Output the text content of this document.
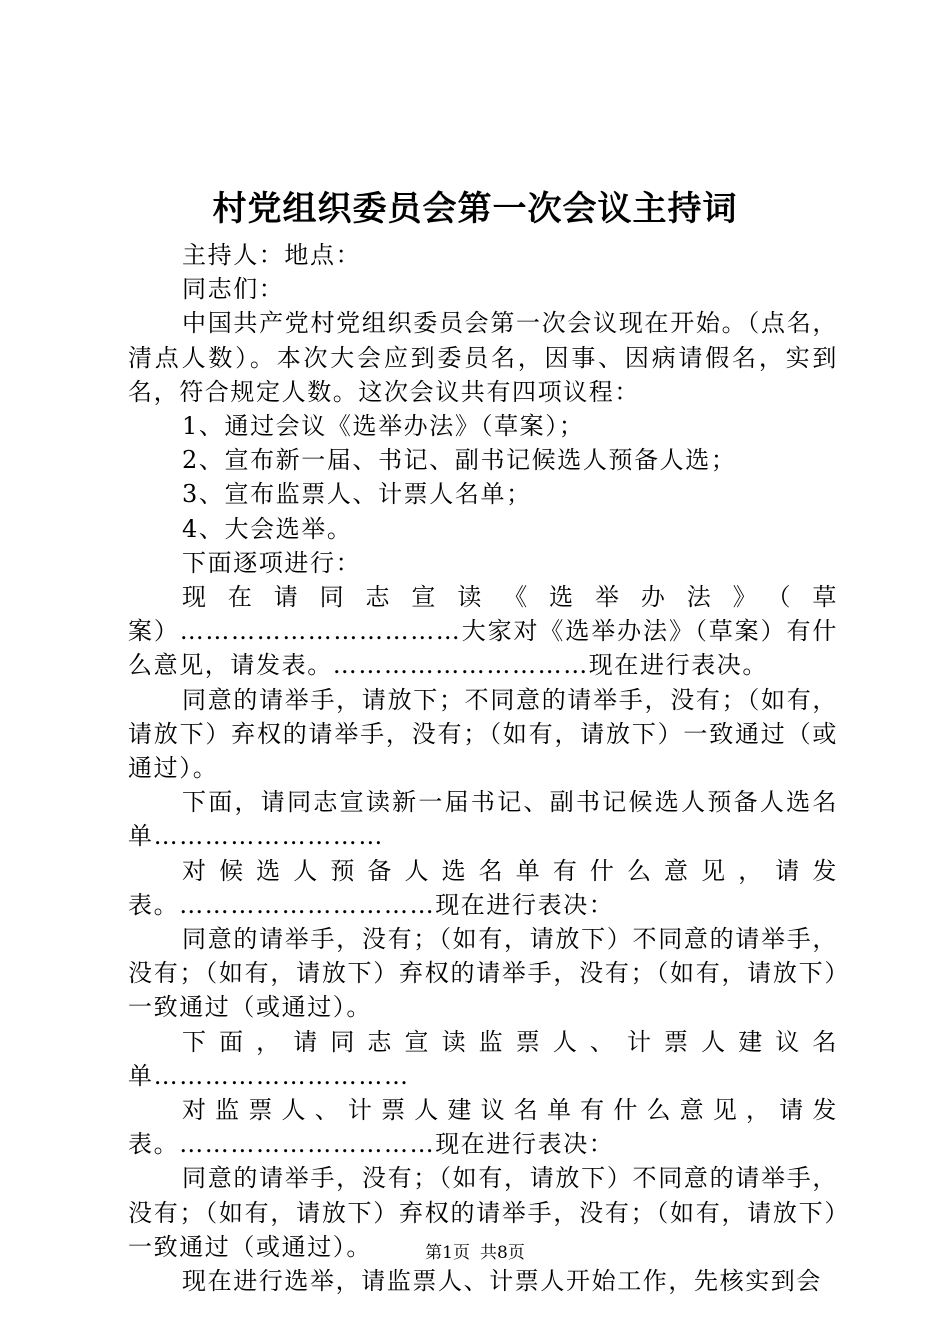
村党组织委员会第一次会议主持词

主持人：地点：

同志们：

中国共产党村党组织委员会第一次会议现在开始。（点名，清点人数）。本次大会应到委员名，因事、因病请假名，实到名，符合规定人数。这次会议共有四项议程：

1、通过会议《选举办法》（草案）；

2、宣布新一届、书记、副书记候选人预备人选；

3、宣布监票人、计票人名单；

4、大会选举。

下面逐项进行：

现在请同志宣读《选举办法》（草案）……………………………大家对《选举办法》（草案）有什么意见，请发表。…………………………现在进行表决。

同意的请举手，请放下；不同意的请举手，没有；（如有，请放下）弃权的请举手，没有；（如有，请放下）一致通过（或通过）。

下面，请同志宣读新一届书记、副书记候选人预备人选名单………………………

对候选人预备人选名单有什么意见，请发表。…………………………现在进行表决：

同意的请举手，没有；（如有，请放下）不同意的请举手，没有；（如有，请放下）弃权的请举手，没有；（如有，请放下）一致通过（或通过）。

下面，请同志宣读监票人、计票人建议名单…………………………

对监票人、计票人建议名单有什么意见，请发表。…………………………现在进行表决：

同意的请举手，没有；（如有，请放下）不同意的请举手，没有；（如有，请放下）弃权的请举手，没有；（如有，请放下）一致通过（或通过）。

现在进行选举，请监票人、计票人开始工作，先核实到会

第1页 共8页
